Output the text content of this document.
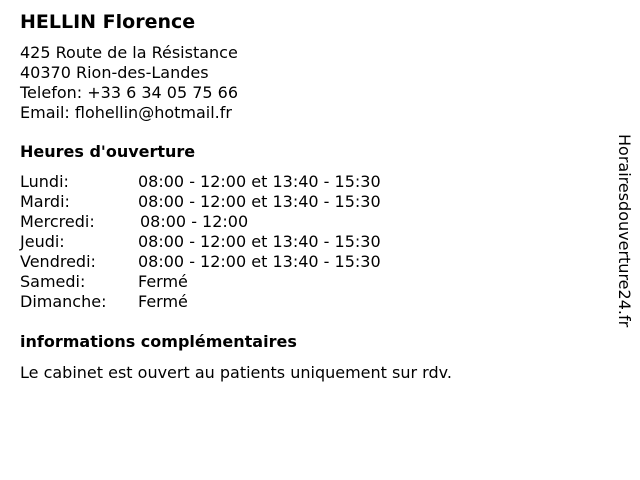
HELLIN Florence
425 Route de la Résistance
40370 Rion-des-Landes
Telefon: +33 6 34 05 75 66
Email: flohellin@hotmail.fr
Heures d'ouverture
Lundi:	08:00 - 12:00 et 13:40 - 15:30
Mardi:	08:00 - 12:00 et 13:40 - 15:30
Mercredi:	08:00 - 12:00
Jeudi:	08:00 - 12:00 et 13:40 - 15:30
Vendredi:	08:00 - 12:00 et 13:40 - 15:30
Samedi:	Fermé
Dimanche:	Fermé
informations complémentaires
Le cabinet est ouvert au patients uniquement sur rdv.
Horairesdouverture24.fr
